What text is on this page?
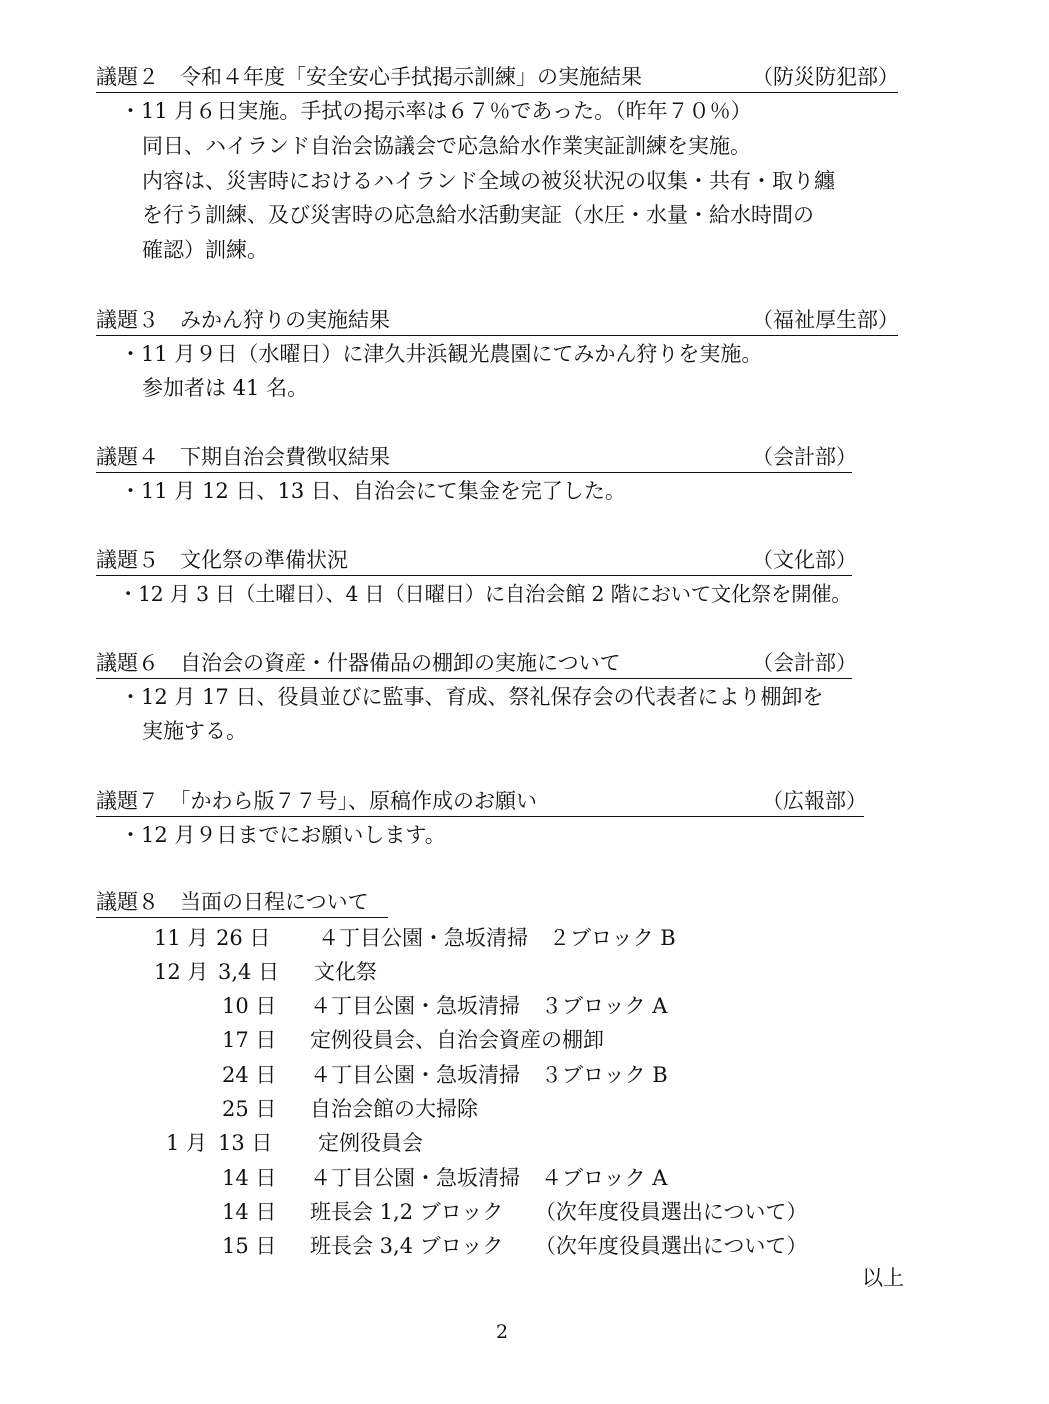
議題２　令和４年度「安全安心手拭掲示訓練」の実施結果	（防災防犯部）
・11 月６日実施。手拭の掲示率は６７％であった。（昨年７０％）
同日、ハイランド自治会協議会で応急給水作業実証訓練を実施。
内容は、災害時におけるハイランド全域の被災状況の収集・共有・取り纏
を行う訓練、及び災害時の応急給水活動実証（水圧・水量・給水時間の
確認）訓練。
議題３　みかん狩りの実施結果	（福祉厚生部）
・11 月９日（水曜日）に津久井浜観光農園にてみかん狩りを実施。
参加者は 41 名。
議題４　下期自治会費徴収結果	（会計部）
・11 月 12 日、13 日、自治会にて集金を完了した。
議題５　文化祭の準備状況	（文化部）
・12 月 3 日（土曜日）、4 日（日曜日）に自治会館 2 階において文化祭を開催。
議題６　自治会の資産・什器備品の棚卸の実施について	（会計部）
・12 月 17 日、役員並びに監事、育成、祭礼保存会の代表者により棚卸を
実施する。
議題７　「かわら版７７号」、原稿作成のお願い	（広報部）
・12 月９日までにお願いします。
議題８　当面の日程について
11 月 26 日 ４丁目公園・急坂清掃　２ブロック B
12 月 3,4 日 文化祭
10 日 ４丁目公園・急坂清掃　３ブロック A
17 日 定例役員会、自治会資産の棚卸
24 日 ４丁目公園・急坂清掃　３ブロック B
25 日 自治会館の大掃除
1 月 13 日 定例役員会
14 日 ４丁目公園・急坂清掃　４ブロック A
14 日 班長会 1,2 ブロック　　（次年度役員選出について）
15 日 班長会 3,4 ブロック　　（次年度役員選出について）
以上
2
